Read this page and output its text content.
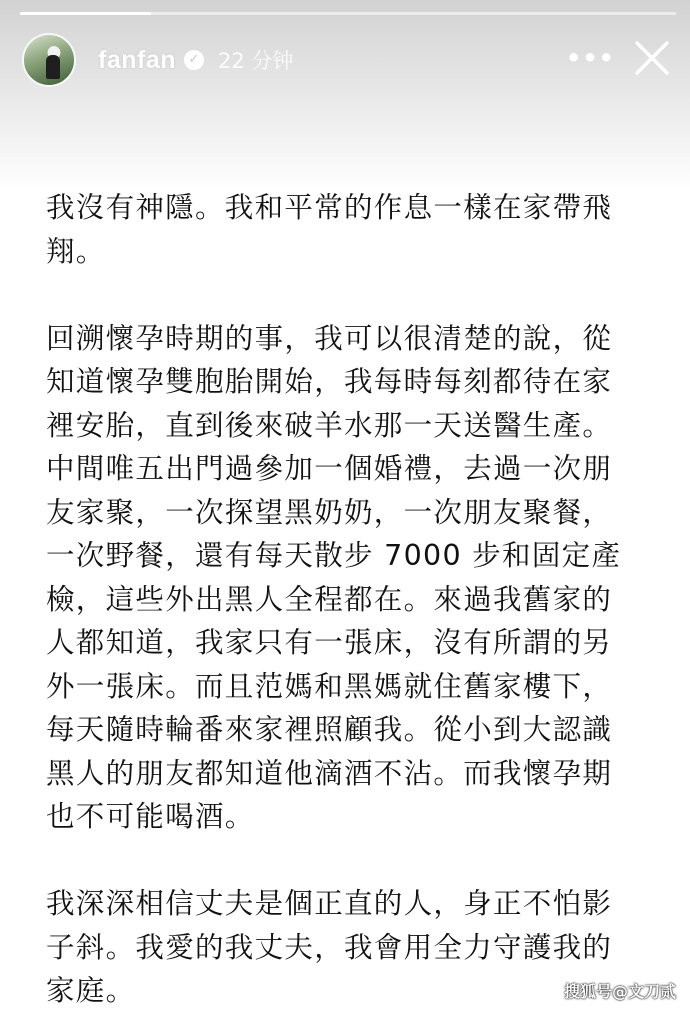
fanfan ✓ 22 分钟	•••

我沒有神隱。我和平常的作息一樣在家帶飛
翔。

回溯懷孕時期的事，我可以很清楚的說，從
知道懷孕雙胞胎開始，我每時每刻都待在家
裡安胎，直到後來破羊水那一天送醫生產。
中間唯五出門過參加一個婚禮，去過一次朋
友家聚，一次探望黑奶奶，一次朋友聚餐，
一次野餐，還有每天散步 7000 步和固定產
檢，這些外出黑人全程都在。來過我舊家的
人都知道，我家只有一張床，沒有所謂的另
外一張床。而且范媽和黑媽就住舊家樓下，
每天隨時輪番來家裡照顧我。從小到大認識
黑人的朋友都知道他滴酒不沾。而我懷孕期
也不可能喝酒。

我深深相信丈夫是個正直的人，身正不怕影
子斜。我愛的我丈夫，我會用全力守護我的
家庭。	搜狐号@文刀贰
